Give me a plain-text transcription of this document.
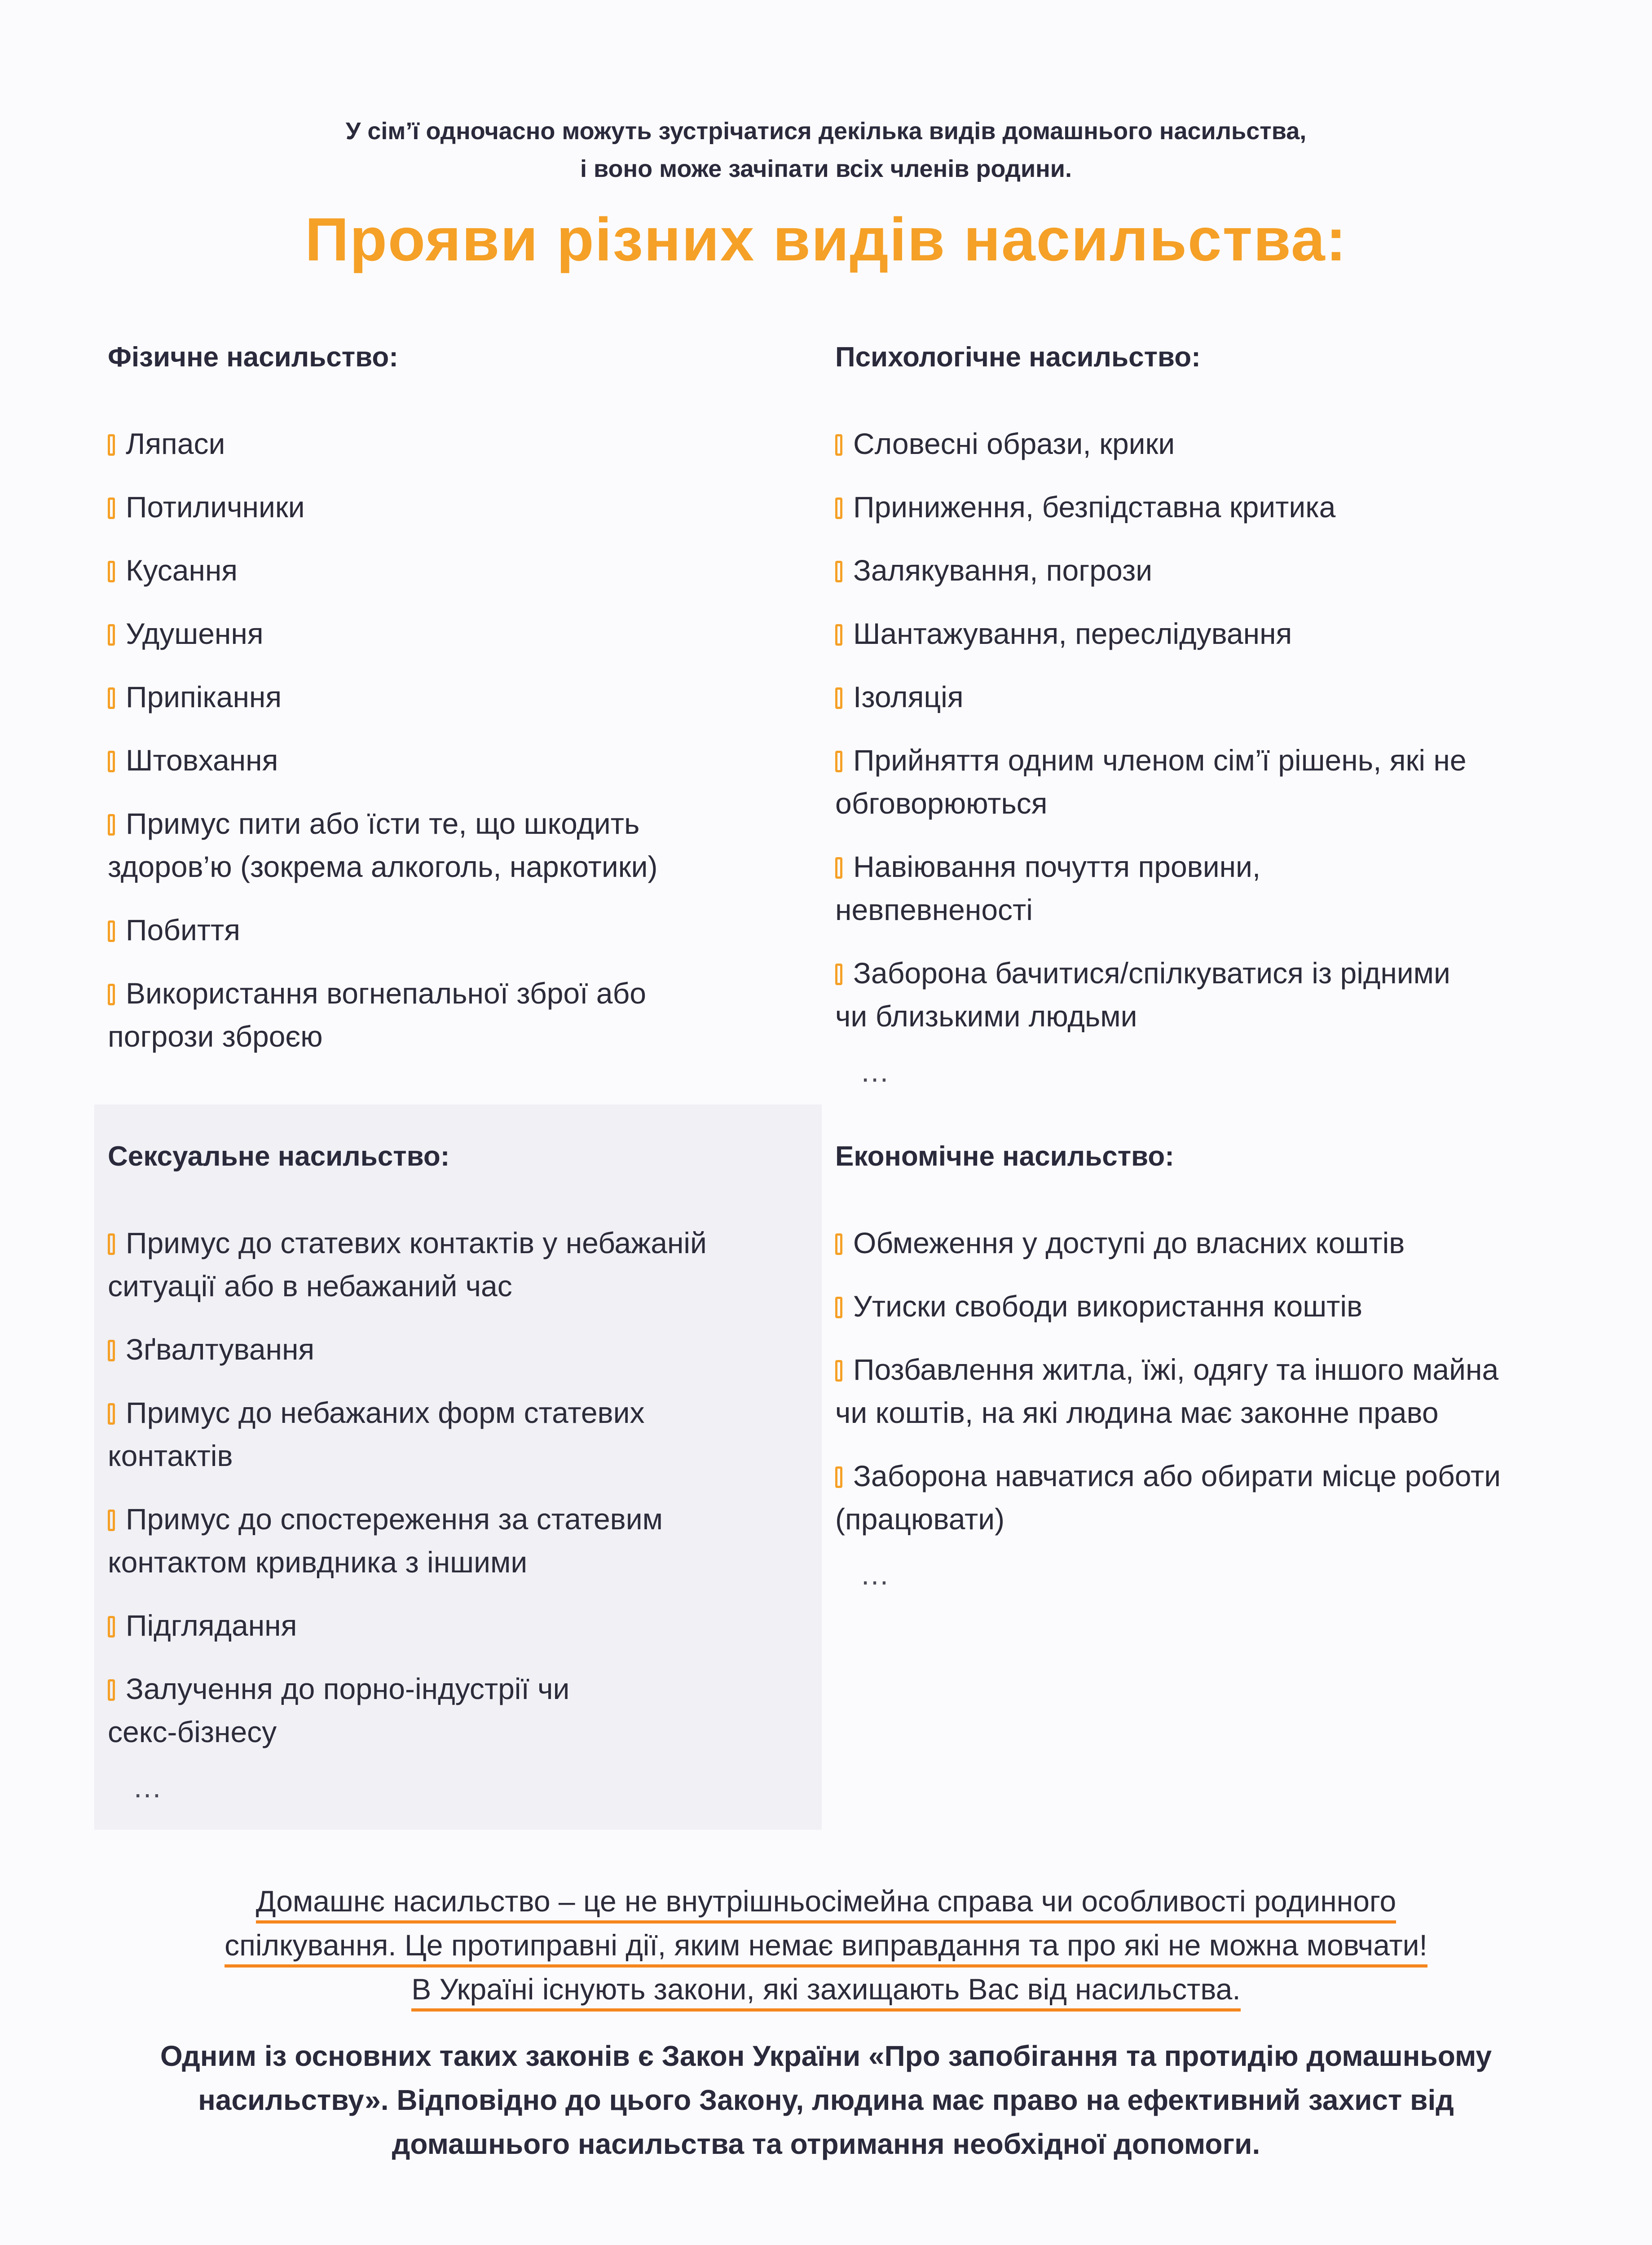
У сім’ї одночасно можуть зустрічатися декілька видів домашнього насильства,
і воно може зачіпати всіх членів родини.
Прояви різних видів насильства:
Фізичне насильство:
Ляпаси
Потиличники
Кусання
Удушення
Припікання
Штовхання
Примус пити або їсти те, що шкодить здоров’ю (зокрема алкоголь, наркотики)
Побиття
Використання вогнепальної зброї або погрози зброєю
Психологічне насильство:
Словесні образи, крики
Приниження, безпідставна критика
Залякування, погрози
Шантажування, переслідування
Ізоляція
Прийняття одним членом сім’ї рішень, які не обговорюються
Навіювання почуття провини, невпевненості
Заборона бачитися/спілкуватися із рідними чи близькими людьми
…
Сексуальне насильство:
Примус до статевих контактів у небажаній ситуації або в небажаний час
Зґвалтування
Примус до небажаних форм статевих контактів
Примус до спостереження за статевим контактом кривдника з іншими
Підглядання
Залучення до порно-індустрії чи секс-бізнесу
…
Економічне насильство:
Обмеження у доступі до власних коштів
Утиски свободи використання коштів
Позбавлення житла, їжі, одягу та іншого майна чи коштів, на які людина має законне право
Заборона навчатися або обирати місце роботи (працювати)
…
Домашнє насильство – це не внутрішньосімейна справа чи особливості родинного
спілкування. Це протиправні дії, яким немає виправдання та про які не можна мовчати!
В Україні існують закони, які захищають Вас від насильства.
Одним із основних таких законів є Закон України «Про запобігання та протидію домашньому
насильству». Відповідно до цього Закону, людина має право на ефективний захист від
домашнього насильства та отримання необхідної допомоги.
